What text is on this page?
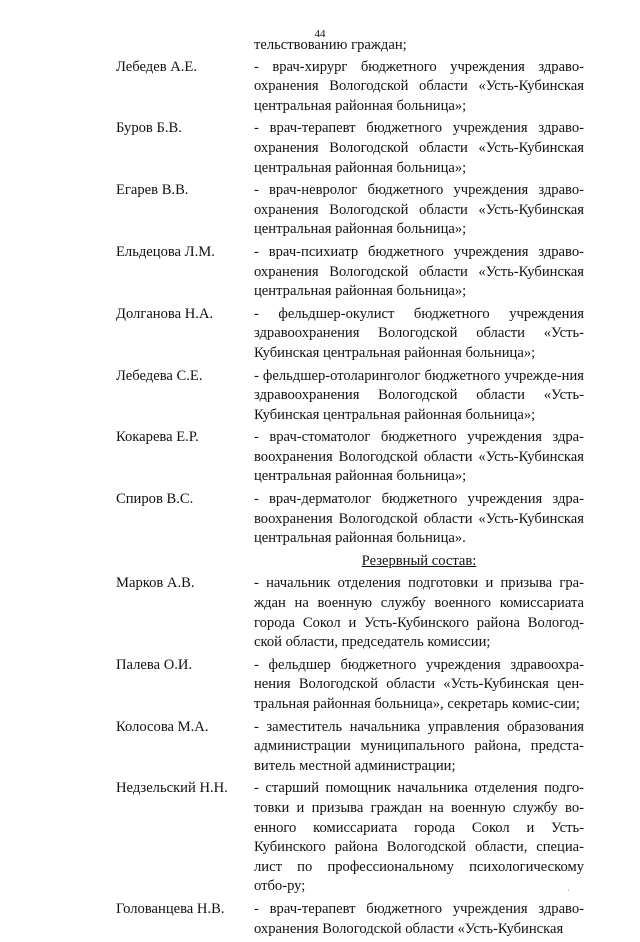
44
тельствованию граждан;
Лебедев А.Е.	- врач-хирург бюджетного учреждения здраво-охранения Вологодской области «Усть-Кубинская центральная районная больница»;
Буров Б.В.	- врач-терапевт бюджетного учреждения здраво-охранения Вологодской области «Усть-Кубинская центральная районная больница»;
Егарев В.В.	- врач-невролог бюджетного учреждения здраво-охранения Вологодской области «Усть-Кубинская центральная районная больница»;
Ельдецова Л.М.	- врач-психиатр бюджетного учреждения здраво-охранения Вологодской области «Усть-Кубинская центральная районная больница»;
Долганова Н.А.	- фельдшер-окулист бюджетного учреждения здравоохранения Вологодской области «Усть-Кубинская центральная районная больница»;
Лебедева С.Е.	- фельдшер-отоларинголог бюджетного учрежде-ния здравоохранения Вологодской области «Усть-Кубинская центральная районная больница»;
Кокарева Е.Р.	- врач-стоматолог бюджетного учреждения здра-воохранения Вологодской области «Усть-Кубинская центральная районная больница»;
Спиров В.С.	- врач-дерматолог бюджетного учреждения здра-воохранения Вологодской области «Усть-Кубинская центральная районная больница».
Резервный состав:
Марков А.В.	- начальник отделения подготовки и призыва гра-ждан на военную службу военного комиссариата города Сокол и Усть-Кубинского района Вологод-ской области, председатель комиссии;
Палева О.И.	- фельдшер бюджетного учреждения здравоохра-нения Вологодской области «Усть-Кубинская цен-тральная районная больница», секретарь комис-сии;
Колосова М.А.	- заместитель начальника управления образования администрации муниципального района, предста-витель местной администрации;
Недзельский Н.Н.	- старший помощник начальника отделения подго-товки и призыва граждан на военную службу во-енного комиссариата города Сокол и Усть-Кубинского района Вологодской области, специа-лист по профессиональному психологическому отбо-ру;
Голованцева Н.В.	- врач-терапевт бюджетного учреждения здраво-охранения Вологодской области «Усть-Кубинская
·
